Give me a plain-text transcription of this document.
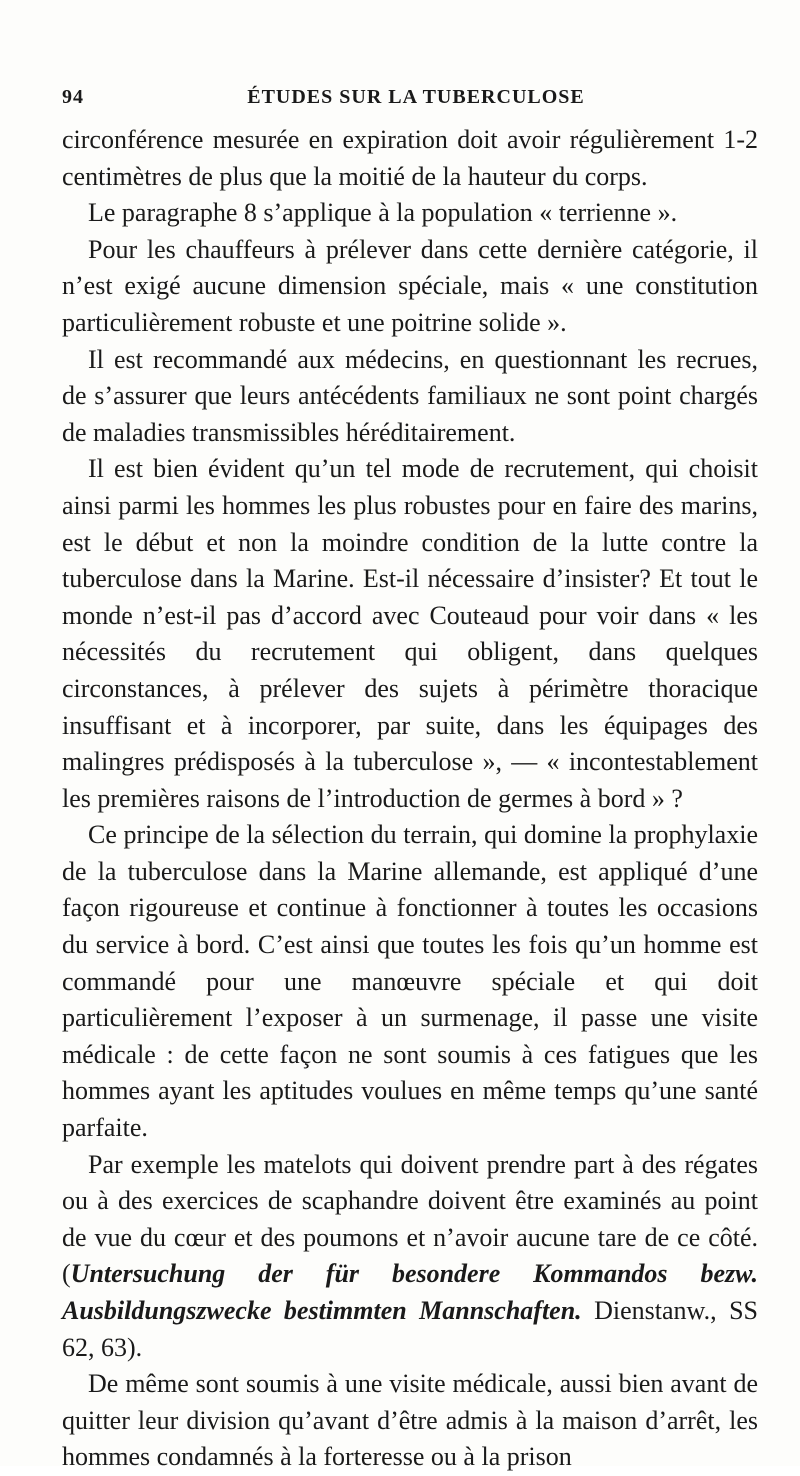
94	ÉTUDES SUR LA TUBERCULOSE

circonférence mesurée en expiration doit avoir régulièrement 1-2 centimètres de plus que la moitié de la hauteur du corps.

Le paragraphe 8 s’applique à la population « terrienne ».

Pour les chauffeurs à prélever dans cette dernière catégorie, il n’est exigé aucune dimension spéciale, mais « une constitution particulièrement robuste et une poitrine solide ».

Il est recommandé aux médecins, en questionnant les recrues, de s’assurer que leurs antécédents familiaux ne sont point chargés de maladies transmissibles héréditairement.

Il est bien évident qu’un tel mode de recrutement, qui choisit ainsi parmi les hommes les plus robustes pour en faire des marins, est le début et non la moindre condition de la lutte contre la tuberculose dans la Marine. Est-il nécessaire d’insister? Et tout le monde n’est-il pas d’accord avec Couteaud pour voir dans « les nécessités du recrutement qui obligent, dans quelques circonstances, à prélever des sujets à périmètre thoracique insuffisant et à incorporer, par suite, dans les équipages des malingres prédisposés à la tuberculose », — « incontestablement les premières raisons de l’introduction de germes à bord » ?

Ce principe de la sélection du terrain, qui domine la prophylaxie de la tuberculose dans la Marine allemande, est appliqué d’une façon rigoureuse et continue à fonctionner à toutes les occasions du service à bord. C’est ainsi que toutes les fois qu’un homme est commandé pour une manœuvre spéciale et qui doit particulièrement l’exposer à un surmenage, il passe une visite médicale : de cette façon ne sont soumis à ces fatigues que les hommes ayant les aptitudes voulues en même temps qu’une santé parfaite.

Par exemple les matelots qui doivent prendre part à des régates ou à des exercices de scaphandre doivent être examinés au point de vue du cœur et des poumons et n’avoir aucune tare de ce côté. (Untersuchung der für besondere Kommandos bezw. Ausbildungszwecke bestimmten Mannschaften. Dienstanw., SS 62, 63).

De même sont soumis à une visite médicale, aussi bien avant de quitter leur division qu’avant d’être admis à la maison d’arrêt, les hommes condamnés à la forteresse ou à la prison
